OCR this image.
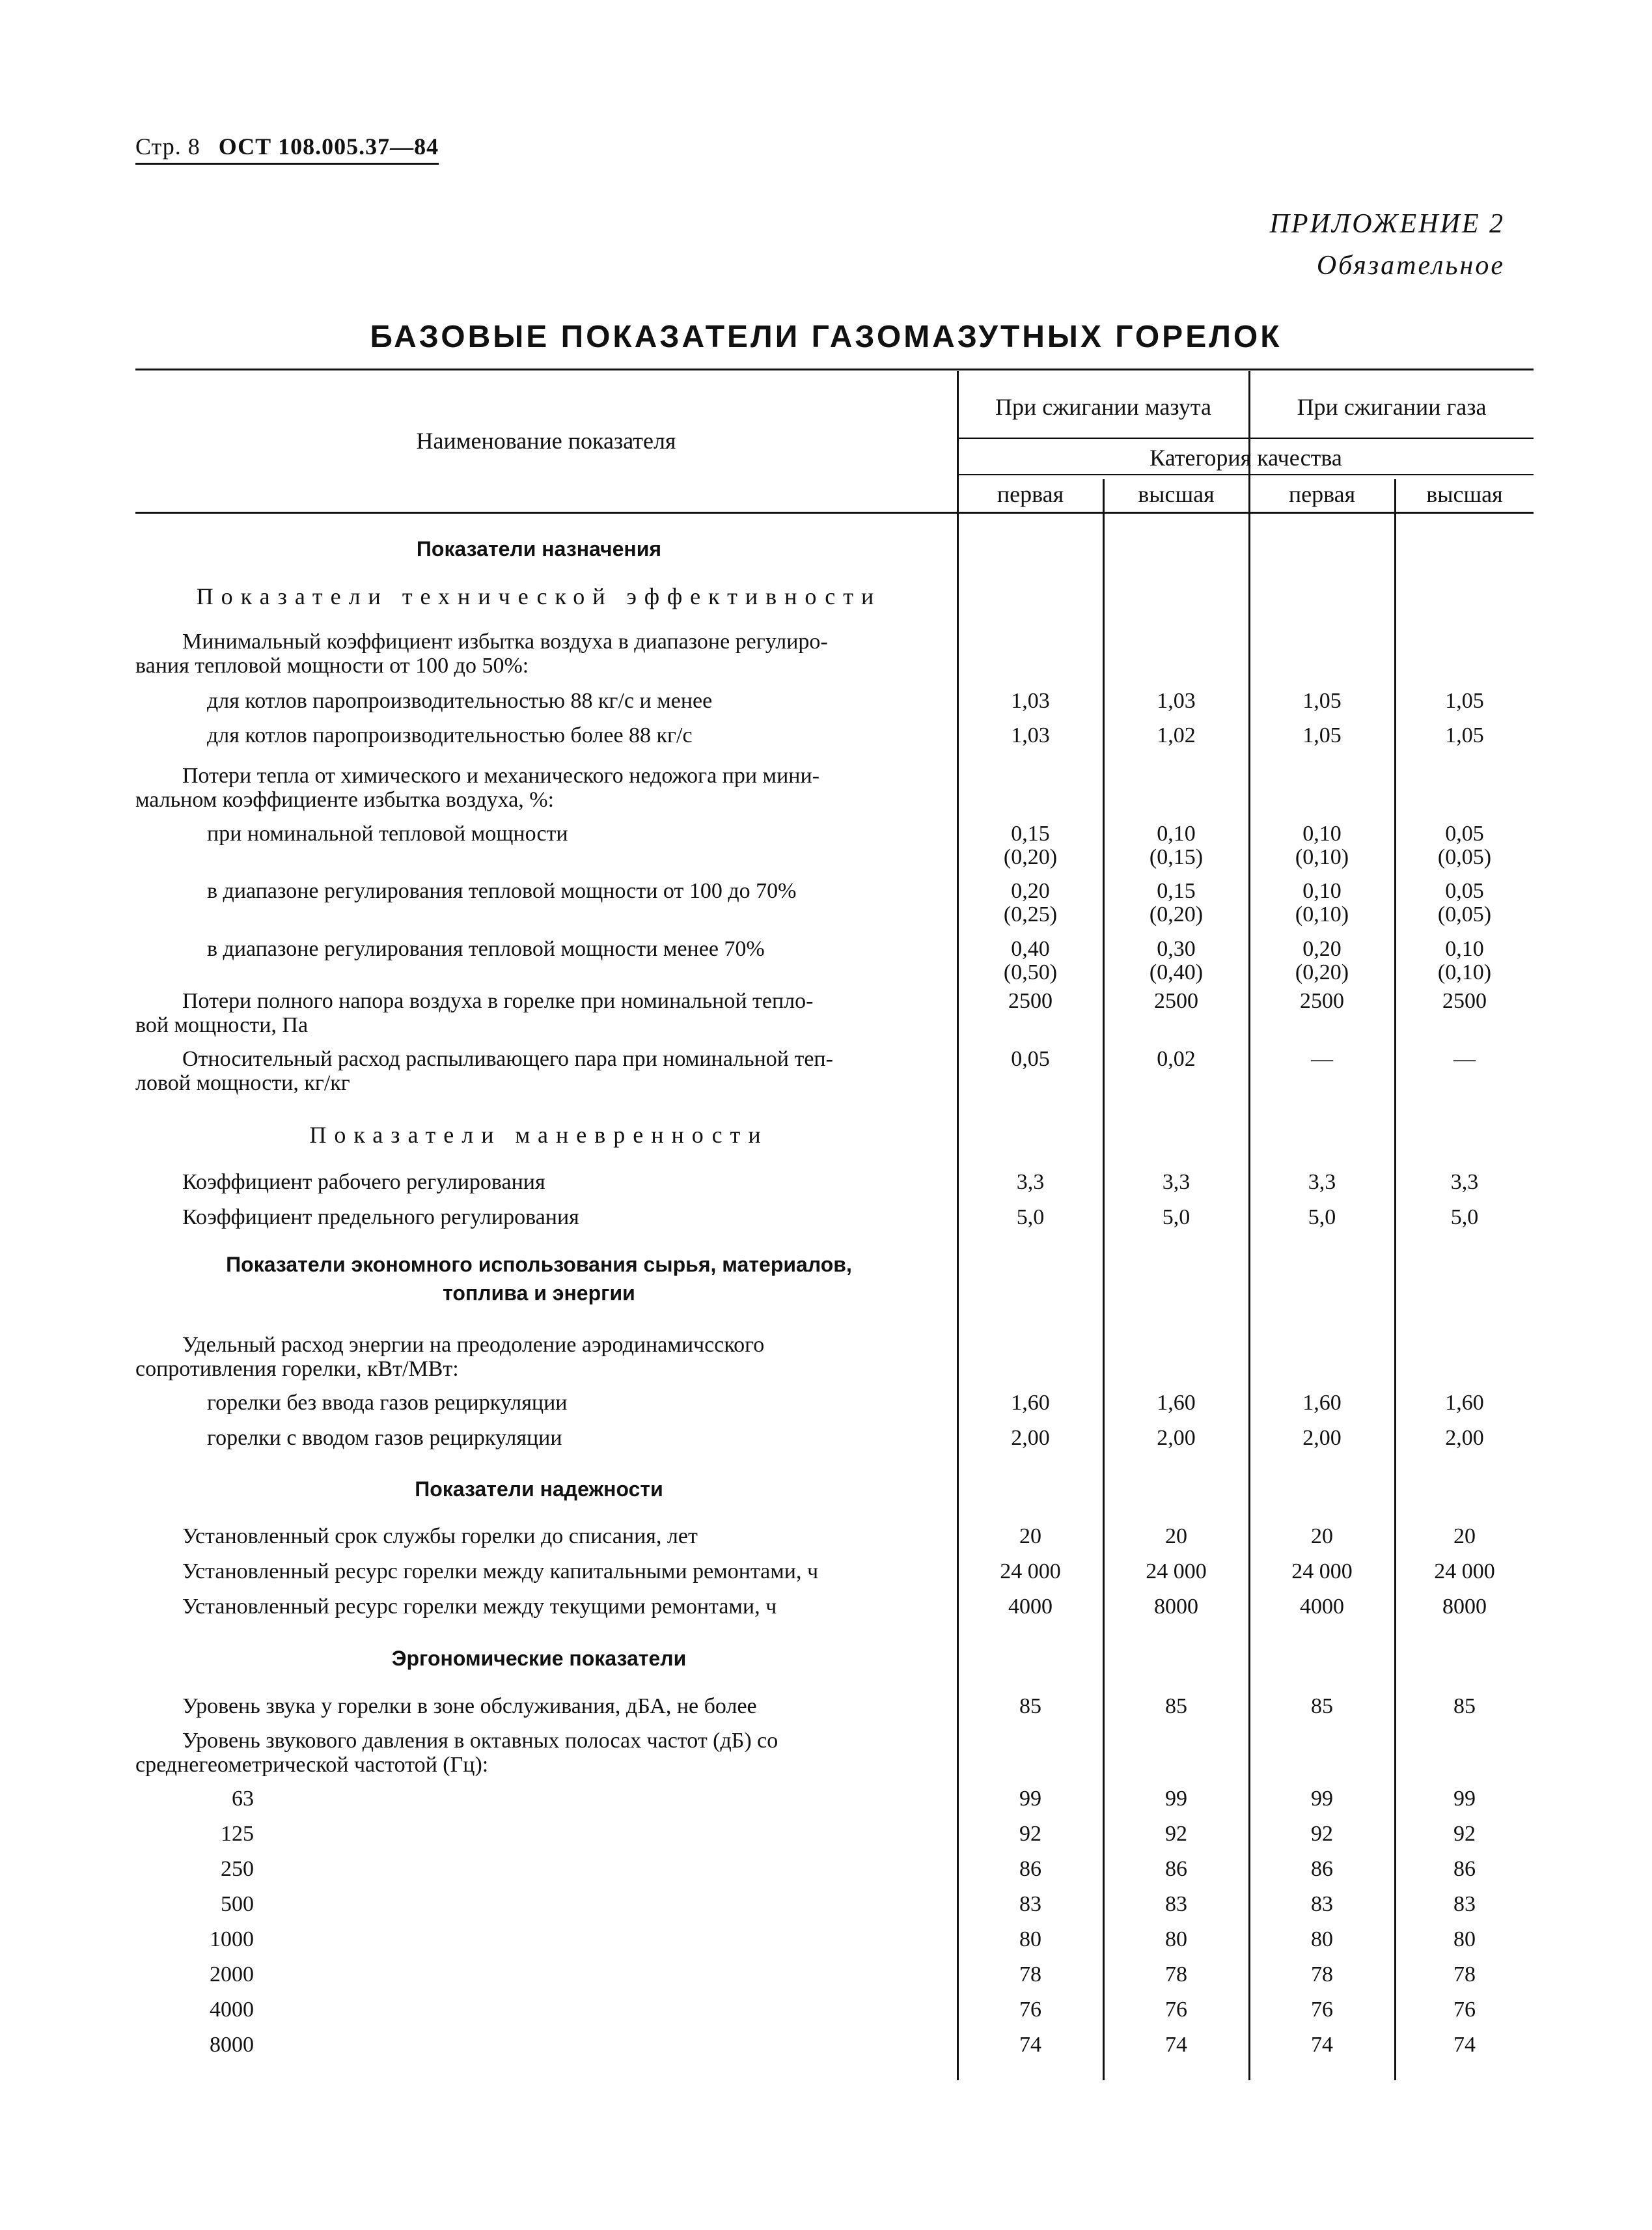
Стр. 8 ОСТ 108.005.37—84
ПРИЛОЖЕНИЕ 2
Обязательное
БАЗОВЫЕ ПОКАЗАТЕЛИ ГАЗОМАЗУТНЫХ ГОРЕЛОК
Наименование показателя
При сжигании мазута	При сжигании газа
Категория качества
первая	высшая	первая	высшая
Показатели назначения
Показатели технической эффективности
Минимальный коэффициент избытка воздуха в диапазоне регулиро-
вания тепловой мощности от 100 до 50%:
для котлов паропроизводительностью 88 кг/с и менее	1,03	1,03	1,05	1,05
для котлов паропроизводительностью более 88 кг/с	1,03	1,02	1,05	1,05
Потери тепла от химического и механического недожога при мини-
мальном коэффициенте избытка воздуха, %:
при номинальной тепловой мощности	0,15	0,10	0,10	0,05
(0,20)	(0,15)	(0,10)	(0,05)
в диапазоне регулирования тепловой мощности от 100 до 70%	0,20	0,15	0,10	0,05
(0,25)	(0,20)	(0,10)	(0,05)
в диапазоне регулирования тепловой мощности менее 70%	0,40	0,30	0,20	0,10
(0,50)	(0,40)	(0,20)	(0,10)
Потери полного напора воздуха в горелке при номинальной тепло-
вой мощности, Па
2500	2500	2500	2500
Относительный расход распыливающего пара при номинальной теп-
ловой мощности, кг/кг
0,05	0,02	—	—
Показатели маневренности
Коэффициент рабочего регулирования	3,3	3,3	3,3	3,3
Коэффициент предельного регулирования	5,0	5,0	5,0	5,0
Показатели экономного использования сырья, материалов,
топлива и энергии
Удельный расход энергии на преодоление аэродинамичсского
сопротивления горелки, кВт/МВт:
горелки без ввода газов рециркуляции	1,60	1,60	1,60	1,60
горелки с вводом газов рециркуляции	2,00	2,00	2,00	2,00
Показатели надежности
Установленный срок службы горелки до списания, лет	20	20	20	20
Установленный ресурс горелки между капитальными ремонтами, ч	24 000	24 000	24 000	24 000
Установленный ресурс горелки между текущими ремонтами, ч	4000	8000	4000	8000
Эргономические показатели
Уровень звука у горелки в зоне обслуживания, дБА, не более	85	85	85	85
Уровень звукового давления в октавных полосах частот (дБ) со
среднегеометрической частотой (Гц):
63	99	99	99	99
125	92	92	92	92
250	86	86	86	86
500	83	83	83	83
1000	80	80	80	80
2000	78	78	78	78
4000	76	76	76	76
8000	74	74	74	74
